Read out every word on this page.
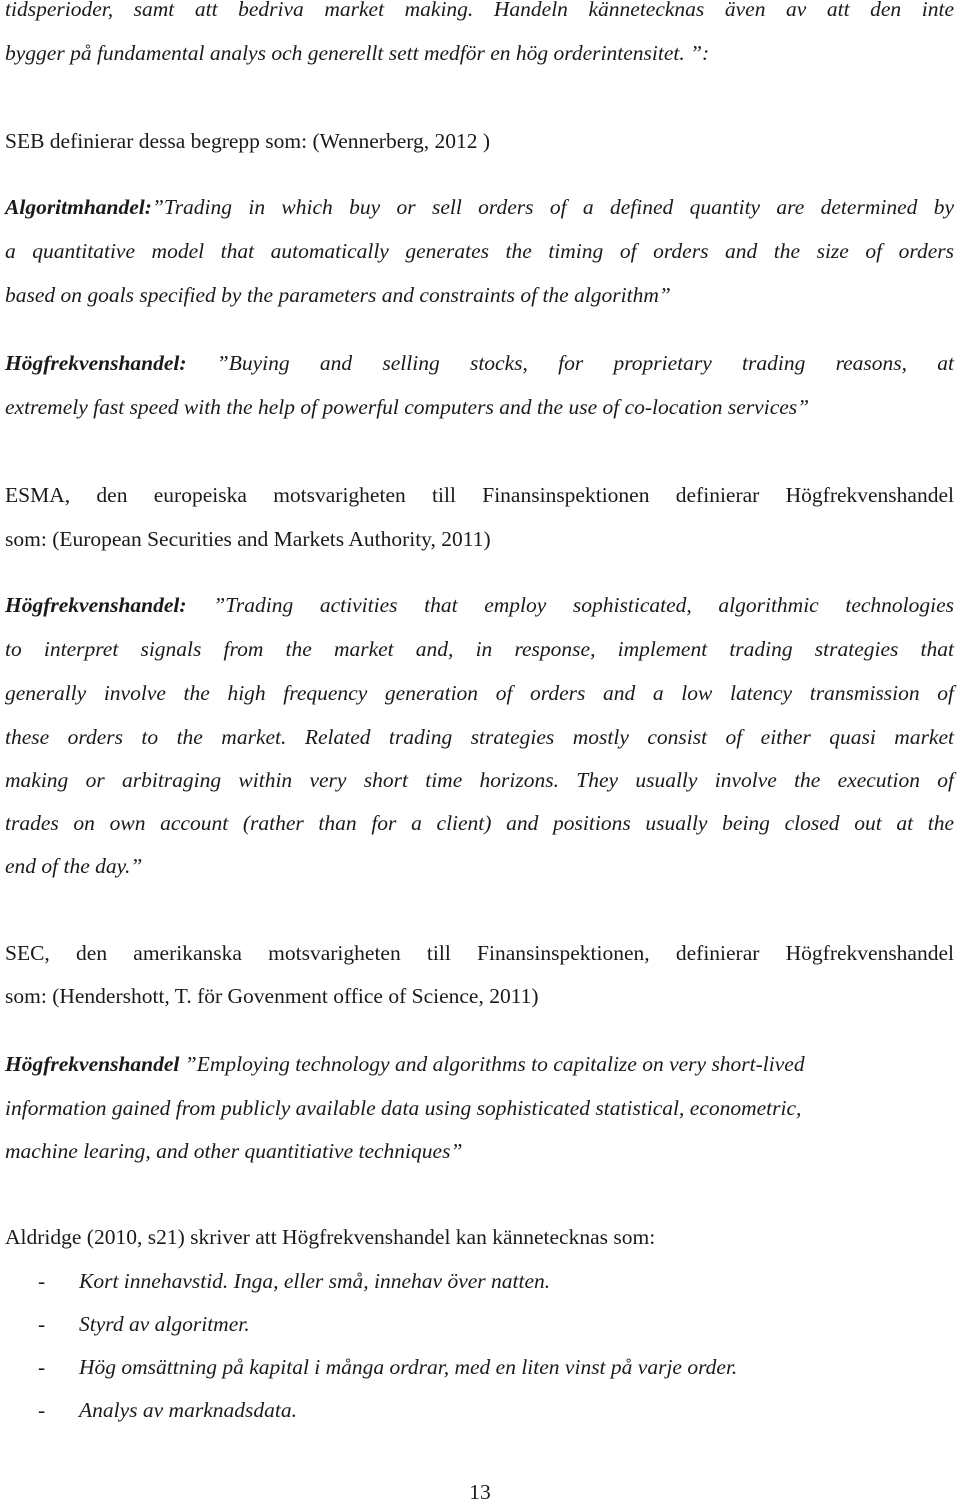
tidsperioder, samt att bedriva market making. Handeln kännetecknas även av att den inte

bygger på fundamental analys och generellt sett medför en hög orderintensitet. ”:

SEB definierar dessa begrepp som: (Wennerberg, 2012 )

Algoritmhandel:”Trading in which buy or sell orders of a defined quantity are determined by

a quantitative model that automatically generates the timing of orders and the size of orders

based on goals specified by the parameters and constraints of the algorithm”

Högfrekvenshandel: ”Buying and selling stocks, for proprietary trading reasons, at

extremely fast speed with the help of powerful computers and the use of co-location services”

ESMA, den europeiska motsvarigheten till Finansinspektionen definierar Högfrekvenshandel

som: (European Securities and Markets Authority, 2011)

Högfrekvenshandel: ”Trading activities that employ sophisticated, algorithmic technologies

to interpret signals from the market and, in response, implement trading strategies that

generally involve the high frequency generation of orders and a low latency transmission of

these orders to the market. Related trading strategies mostly consist of either quasi market

making or arbitraging within very short time horizons. They usually involve the execution of

trades on own account (rather than for a client) and positions usually being closed out at the

end of the day.”

SEC, den amerikanska motsvarigheten till Finansinspektionen, definierar Högfrekvenshandel

som: (Hendershott, T. för Govenment office of Science, 2011)

Högfrekvenshandel ”Employing technology and algorithms to capitalize on very short-lived

information gained from publicly available data using sophisticated statistical, econometric,

machine learing, and other quantitiative techniques”

Aldridge (2010, s21) skriver att Högfrekvenshandel kan kännetecknas som:

- Kort innehavstid. Inga, eller små, innehav över natten.
- Styrd av algoritmer.
- Hög omsättning på kapital i många ordrar, med en liten vinst på varje order.
- Analys av marknadsdata.
13
